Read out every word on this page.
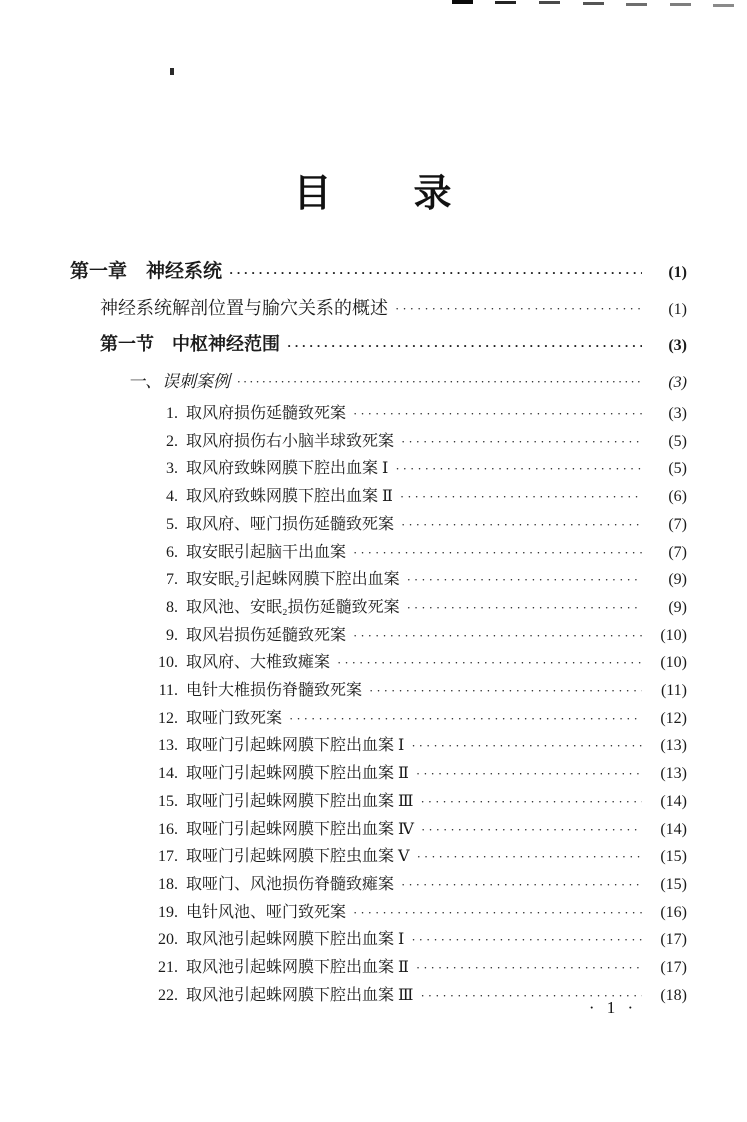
目　　录
第一章　神经系统 ·····	(1)
神经系统解剖位置与腧穴关系的概述 ·····	(1)
第一节　中枢神经范围 ·····	(3)
一、误刺案例 ·····	(3)
1. 取风府损伤延髓致死案 ·····	(3)
2. 取风府损伤右小脑半球致死案 ·····	(5)
3. 取风府致蛛网膜下腔出血案 Ⅰ ·····	(5)
4. 取风府致蛛网膜下腔出血案 Ⅱ ·····	(6)
5. 取风府、哑门损伤延髓致死案 ·····	(7)
6. 取安眠引起脑干出血案 ·····	(7)
7. 取安眠₂引起蛛网膜下腔出血案 ·····	(9)
8. 取风池、安眠₂损伤延髓致死案 ·····	(9)
9. 取风岩损伤延髓致死案 ·····	(10)
10. 取风府、大椎致瘫案 ·····	(10)
11. 电针大椎损伤脊髓致死案 ·····	(11)
12. 取哑门致死案 ·····	(12)
13. 取哑门引起蛛网膜下腔出血案 Ⅰ ·····	(13)
14. 取哑门引起蛛网膜下腔出血案 Ⅱ ·····	(13)
15. 取哑门引起蛛网膜下腔出血案 Ⅲ ·····	(14)
16. 取哑门引起蛛网膜下腔出血案 Ⅳ ·····	(14)
17. 取哑门引起蛛网膜下腔虫血案 Ⅴ ·····	(15)
18. 取哑门、风池损伤脊髓致瘫案 ·····	(15)
19. 电针风池、哑门致死案 ·····	(16)
20. 取风池引起蛛网膜下腔出血案 Ⅰ ·····	(17)
21. 取风池引起蛛网膜下腔出血案 Ⅱ ·····	(17)
22. 取风池引起蛛网膜下腔出血案 Ⅲ ·····	(18)
· 1 ·
